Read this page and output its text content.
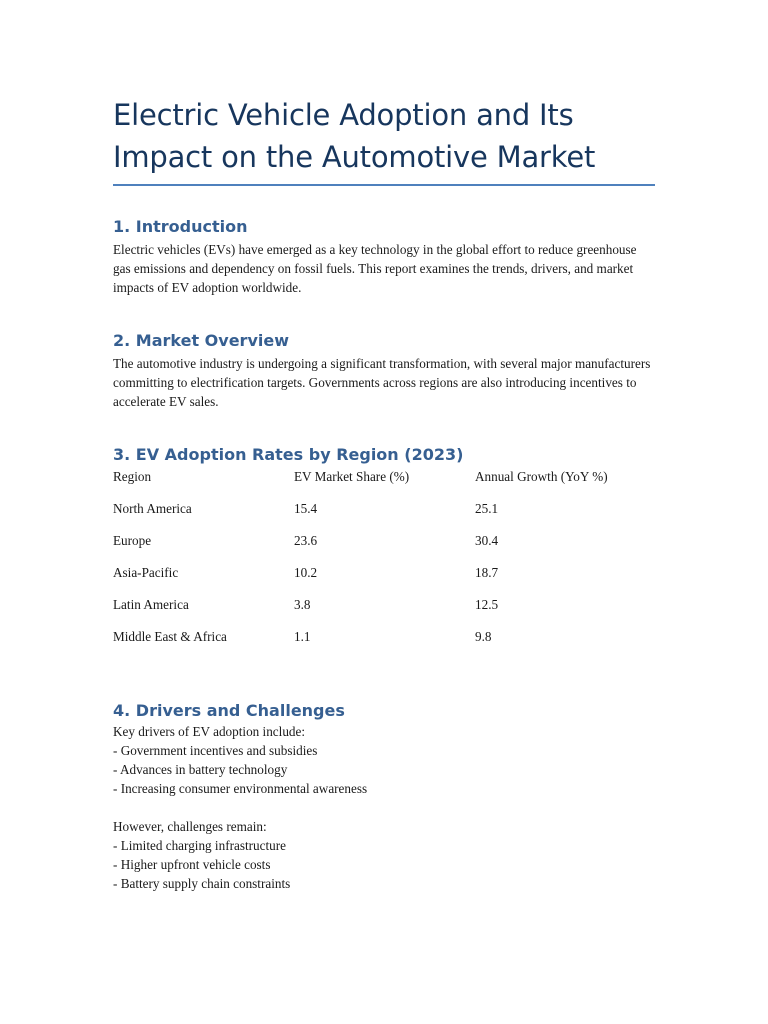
Electric Vehicle Adoption and Its Impact on the Automotive Market
1. Introduction

Electric vehicles (EVs) have emerged as a key technology in the global effort to reduce greenhouse gas emissions and dependency on fossil fuels. This report examines the trends, drivers, and market impacts of EV adoption worldwide.

2. Market Overview

The automotive industry is undergoing a significant transformation, with several major manufacturers committing to electrification targets. Governments across regions are also introducing incentives to accelerate EV sales.

3. EV Adoption Rates by Region (2023)
Region	EV Market Share (%)	Annual Growth (YoY %)
North America	15.4	25.1
Europe	23.6	30.4
Asia-Pacific	10.2	18.7
Latin America	3.8	12.5
Middle East & Africa	1.1	9.8
4. Drivers and Challenges

Key drivers of EV adoption include:
- Government incentives and subsidies
- Advances in battery technology
- Increasing consumer environmental awareness

However, challenges remain:
- Limited charging infrastructure
- Higher upfront vehicle costs
- Battery supply chain constraints
